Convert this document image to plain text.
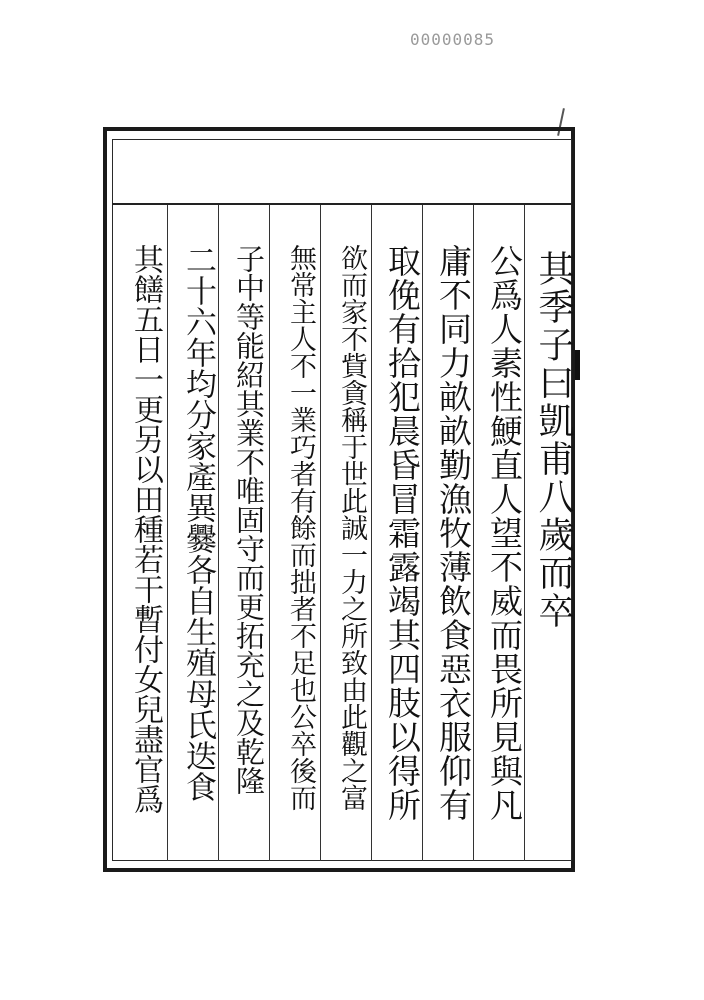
00000085
其季子曰凱甫八歲而卒
公爲人素性鯁直人望不威而畏所見與凡
庸不同力畝畝勤漁牧薄飲食惡衣服仰有
取俛有拾犯晨昏冒霜露竭其四肢以得所
欲而家不貲貪稱于世此誠一力之所致由此觀之富
無常主人不一業巧者有餘而拙者不足也公卒後而
子中等能紹其業不唯固守而更拓充之及乾隆
二十六年均分家產異爨各自生殖母氏迭食
其饍五日一更另以田種若干暫付女兒盡官爲
